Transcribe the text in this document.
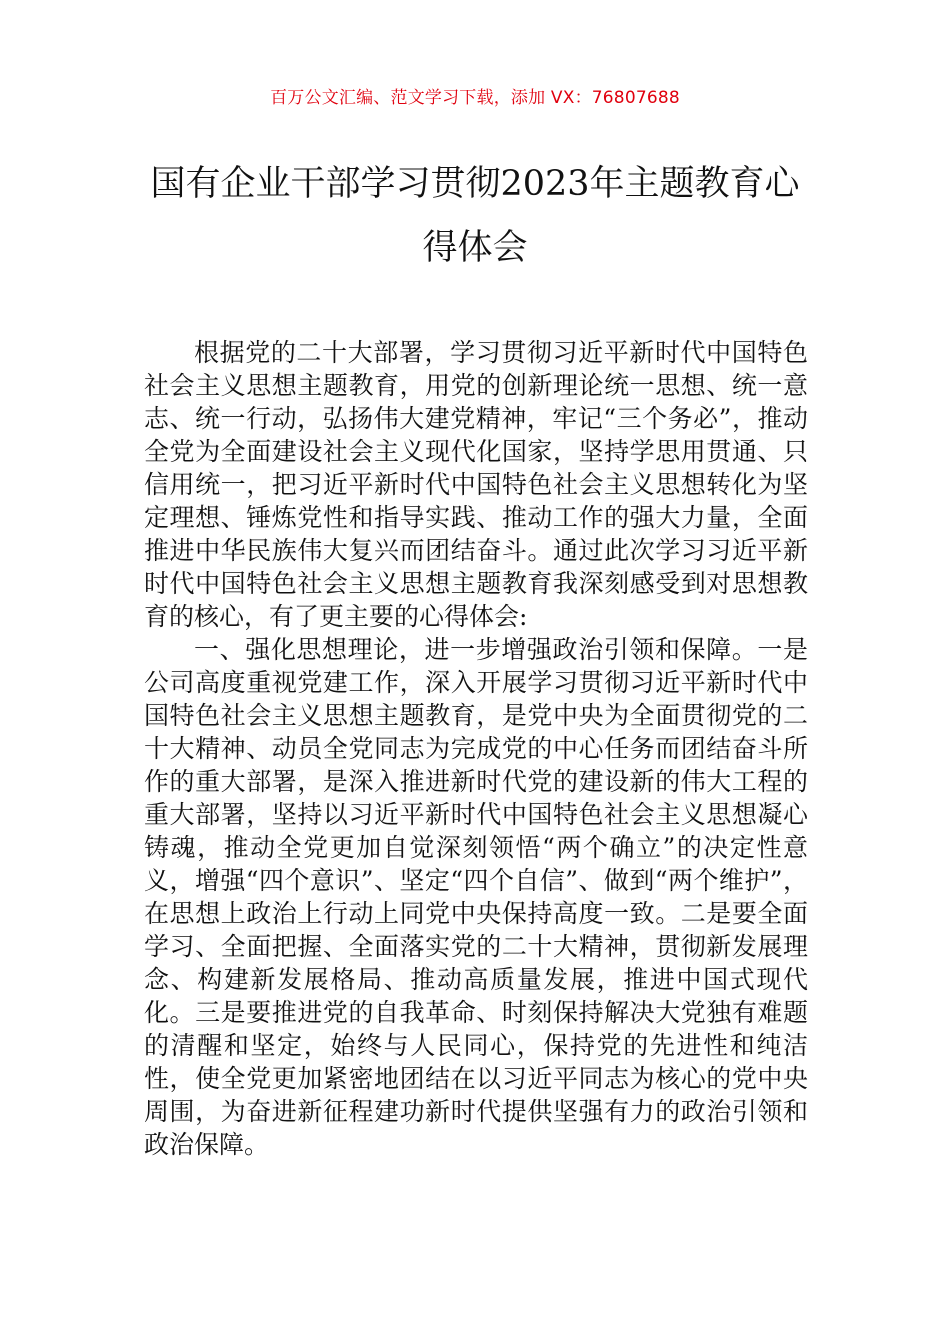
百万公文汇编、范文学习下载，添加 VX：76807688
国有企业干部学习贯彻2023年主题教育心得体会

根据党的二十大部署，学习贯彻习近平新时代中国特色社会主义思想主题教育，用党的创新理论统一思想、统一意志、统一行动，弘扬伟大建党精神，牢记“三个务必”，推动全党为全面建设社会主义现代化国家，坚持学思用贯通、只信用统一，把习近平新时代中国特色社会主义思想转化为坚定理想、锤炼党性和指导实践、推动工作的强大力量，全面推进中华民族伟大复兴而团结奋斗。通过此次学习习近平新时代中国特色社会主义思想主题教育我深刻感受到对思想教育的核心，有了更主要的心得体会:

一、强化思想理论，进一步增强政治引领和保障。一是公司高度重视党建工作，深入开展学习贯彻习近平新时代中国特色社会主义思想主题教育，是党中央为全面贯彻党的二十大精神、动员全党同志为完成党的中心任务而团结奋斗所作的重大部署，是深入推进新时代党的建设新的伟大工程的重大部署，坚持以习近平新时代中国特色社会主义思想凝心铸魂，推动全党更加自觉深刻领悟“两个确立”的决定性意义，增强“四个意识”、坚定“四个自信”、做到“两个维护”，在思想上政治上行动上同党中央保持高度一致。二是要全面学习、全面把握、全面落实党的二十大精神，贯彻新发展理念、构建新发展格局、推动高质量发展，推进中国式现代化。三是要推进党的自我革命、时刻保持解决大党独有难题的清醒和坚定，始终与人民同心，保持党的先进性和纯洁性，使全党更加紧密地团结在以习近平同志为核心的党中央周围，为奋进新征程建功新时代提供坚强有力的政治引领和政治保障。
